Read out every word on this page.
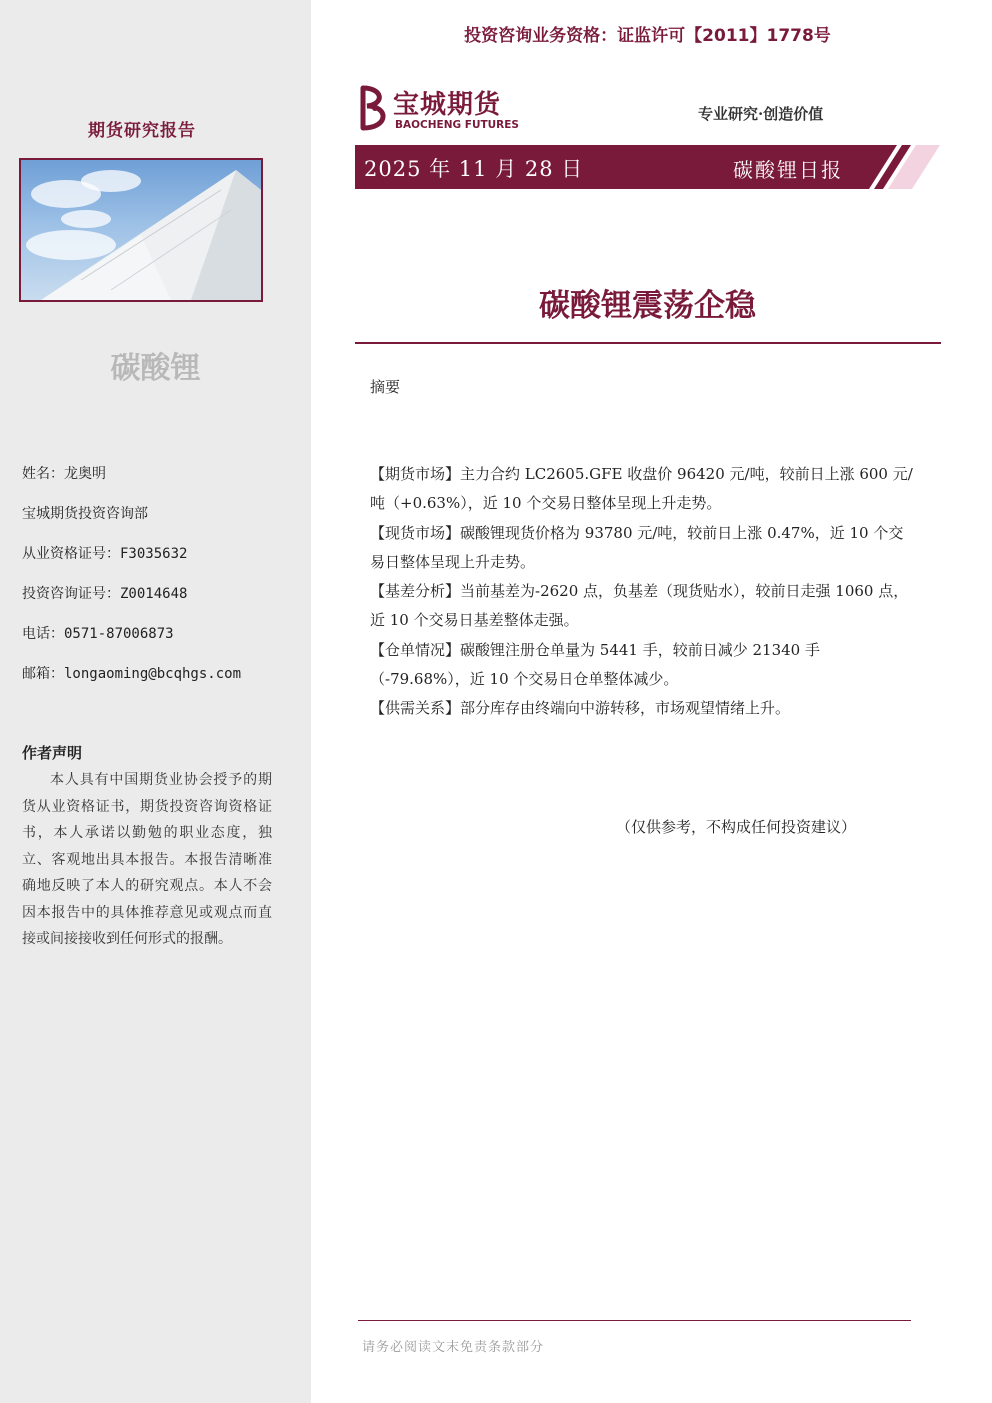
期货研究报告
碳酸锂
姓名：龙奥明
宝城期货投资咨询部
从业资格证号：F3035632
投资咨询证号：Z0014648
电话：0571-87006873
邮箱：longaoming@bcqhgs.com
作者声明
本人具有中国期货业协会授予的期货从业资格证书，期货投资咨询资格证书，本人承诺以勤勉的职业态度，独立、客观地出具本报告。本报告清晰准确地反映了本人的研究观点。本人不会因本报告中的具体推荐意见或观点而直接或间接接收到任何形式的报酬。
投资咨询业务资格：证监许可【2011】1778号
宝城期货
BAOCHENG FUTURES
专业研究·创造价值
2025 年 11 月 28 日	碳酸锂日报
碳酸锂震荡企稳
摘要

【期货市场】主力合约 LC2605.GFE 收盘价 96420 元/吨，较前日上涨 600 元/吨（+0.63%），近 10 个交易日整体呈现上升走势。

【现货市场】碳酸锂现货价格为 93780 元/吨，较前日上涨 0.47%，近 10 个交易日整体呈现上升走势。

【基差分析】当前基差为-2620 点，负基差（现货贴水），较前日走强 1060 点，近 10 个交易日基差整体走强。

【仓单情况】碳酸锂注册仓单量为 5441 手，较前日减少 21340 手（-79.68%），近 10 个交易日仓单整体减少。

【供需关系】部分库存由终端向中游转移，市场观望情绪上升。

（仅供参考，不构成任何投资建议）
请务必阅读文末免责条款部分
